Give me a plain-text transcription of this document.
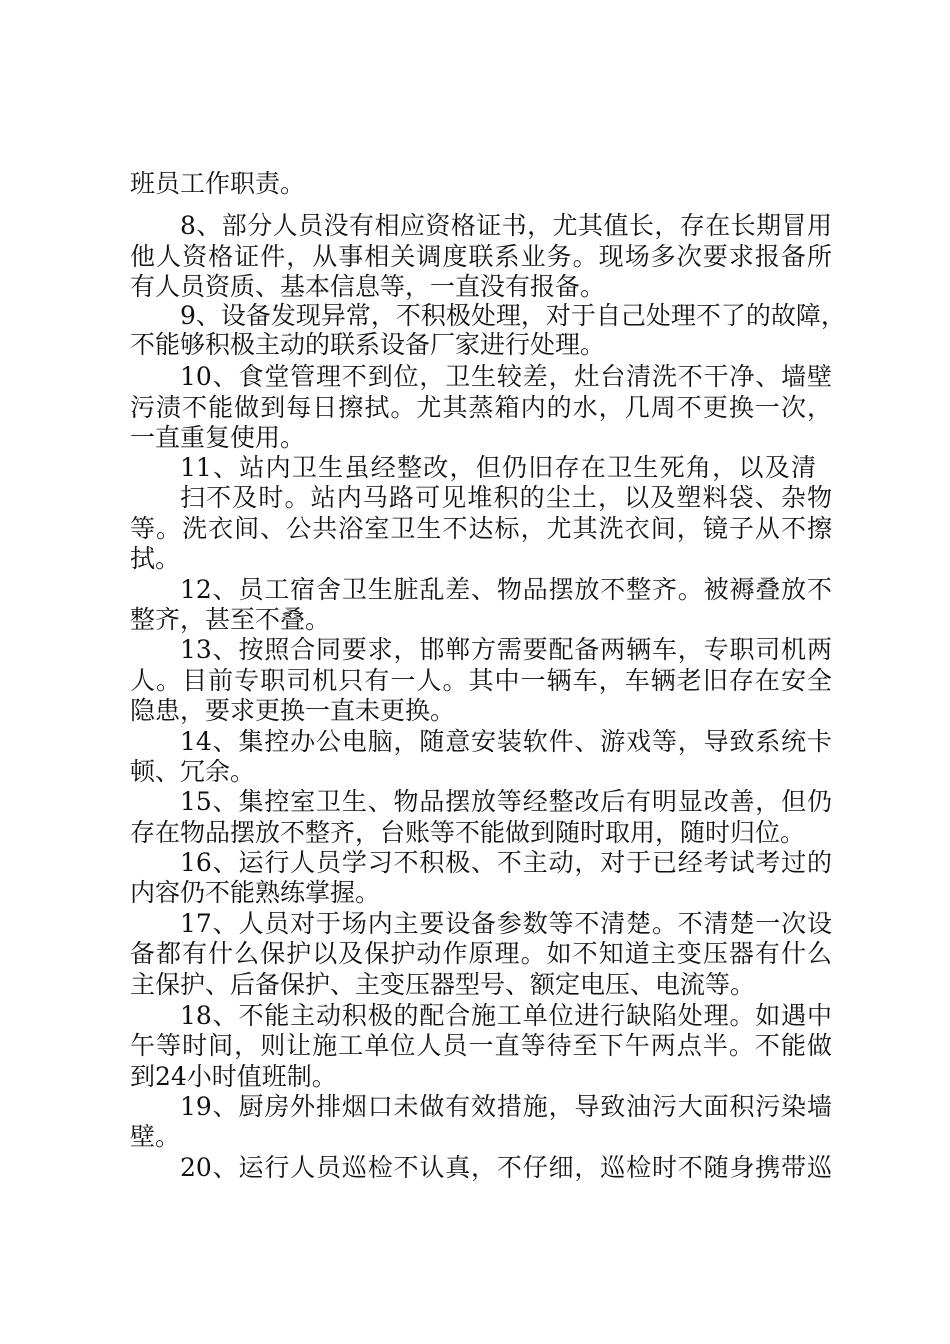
班员工作职责。
8、部分人员没有相应资格证书，尤其值长，存在长期冒用
他人资格证件，从事相关调度联系业务。现场多次要求报备所
有人员资质、基本信息等，一直没有报备。
9、设备发现异常，不积极处理，对于自己处理不了的故障，
不能够积极主动的联系设备厂家进行处理。
10、食堂管理不到位，卫生较差，灶台清洗不干净、墙壁
污渍不能做到每日擦拭。尤其蒸箱内的水，几周不更换一次，
一直重复使用。
11、站内卫生虽经整改，但仍旧存在卫生死角，以及清
扫不及时。站内马路可见堆积的尘土，以及塑料袋、杂物
等。洗衣间、公共浴室卫生不达标，尤其洗衣间，镜子从不擦
拭。
12、员工宿舍卫生脏乱差、物品摆放不整齐。被褥叠放不
整齐，甚至不叠。
13、按照合同要求，邯郸方需要配备两辆车，专职司机两
人。目前专职司机只有一人。其中一辆车，车辆老旧存在安全
隐患，要求更换一直未更换。
14、集控办公电脑，随意安装软件、游戏等，导致系统卡
顿、冗余。
15、集控室卫生、物品摆放等经整改后有明显改善，但仍
存在物品摆放不整齐，台账等不能做到随时取用，随时归位。
16、运行人员学习不积极、不主动，对于已经考试考过的
内容仍不能熟练掌握。
17、人员对于场内主要设备参数等不清楚。不清楚一次设
备都有什么保护以及保护动作原理。如不知道主变压器有什么
主保护、后备保护、主变压器型号、额定电压、电流等。
18、不能主动积极的配合施工单位进行缺陷处理。如遇中
午等时间，则让施工单位人员一直等待至下午两点半。不能做
到24小时值班制。
19、厨房外排烟口未做有效措施，导致油污大面积污染墙
壁。
20、运行人员巡检不认真，不仔细，巡检时不随身携带巡
